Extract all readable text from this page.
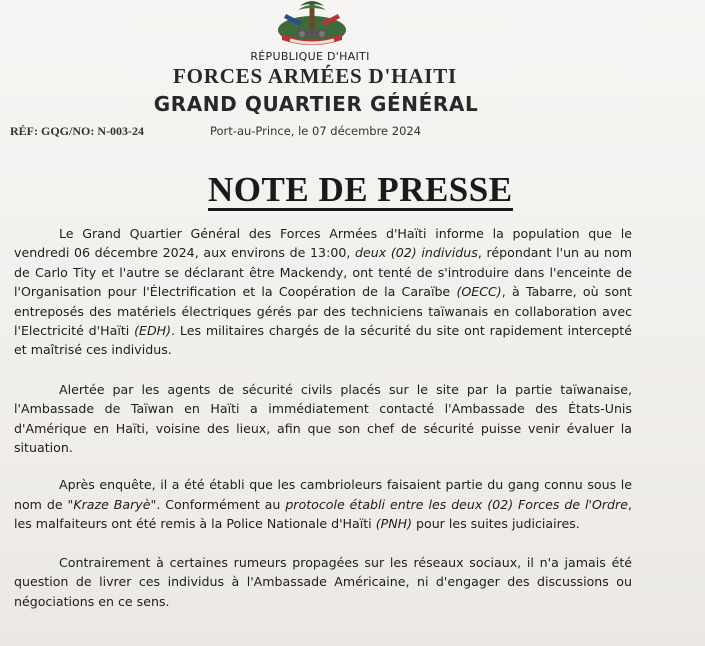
RÉPUBLIQUE D'HAITI
FORCES ARMÉES D'HAITI
GRAND QUARTIER GÉNÉRAL
RÉF: GQG/NO: N-003-24	Port-au-Prince, le 07 décembre 2024
NOTE DE PRESSE

Le Grand Quartier Général des Forces Armées d'Haïti informe la population que le vendredi 06 décembre 2024, aux environs de 13:00, deux (02) individus, répondant l'un au nom de Carlo Tity et l'autre se déclarant être Mackendy, ont tenté de s'introduire dans l'enceinte de l'Organisation pour l'Électrification et la Coopération de la Caraïbe (OECC), à Tabarre, où sont entreposés des matériels électriques gérés par des techniciens taïwanais en collaboration avec l'Electricité d'Haïti (EDH). Les militaires chargés de la sécurité du site ont rapidement intercepté et maîtrisé ces individus.

Alertée par les agents de sécurité civils placés sur le site par la partie taïwanaise, l'Ambassade de Taïwan en Haïti a immédiatement contacté l'Ambassade des États-Unis d'Amérique en Haïti, voisine des lieux, afin que son chef de sécurité puisse venir évaluer la situation.

Après enquête, il a été établi que les cambrioleurs faisaient partie du gang connu sous le nom de "Kraze Baryè". Conformément au protocole établi entre les deux (02) Forces de l'Ordre, les malfaiteurs ont été remis à la Police Nationale d'Haïti (PNH) pour les suites judiciaires.

Contrairement à certaines rumeurs propagées sur les réseaux sociaux, il n'a jamais été question de livrer ces individus à l'Ambassade Américaine, ni d'engager des discussions ou négociations en ce sens.
